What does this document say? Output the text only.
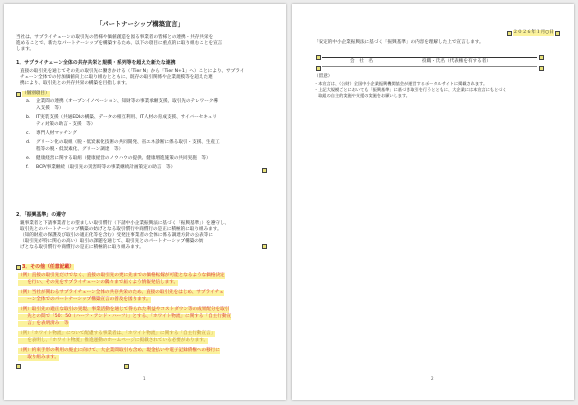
「パートナーシップ構築宣言」
当社は、サプライチェーンの取引先の皆様や価値創造を図る事業者の皆様との連携・共存共栄を
進めることで、新たなパートナーシップを構築するため、以下の項目に重点的に取り組むことを宣言
します。
1．サプライチェーン全体の共存共栄と規模・系列等を超えた新たな連携
直接の取引先を通じてその先の取引先に働きかける（「Tier N」から「Tier N+1」へ）ことにより、サプライ
チェーン全体での付加価値向上に取り組むとともに、既存の取引関係や企業規模等を超えた連
携により、取引先との共存共栄の構築を目指します。
（個別項目）
a. 企業間の連携（オープンイノベーション、知財等の事業承継支援、取引先のテレワーク導
入支援　等）
b. IT実装支援（共通EDIの構築、データの相互利用、IT人材の育成支援、サイバーセキュリ
ティ対策の助言・支援　等）
c. 専門人材マッチング
d. グリーン化の取組（脱・低炭素化技術の共同開発、省エネ診断に係る取引・支援、生産工
程等の脱・低炭素化、グリーン調達　等）
e. 健康経営に関する取組（健康経営のノウハウの提供、健康増進施策の共同実施　等）
f. BCP/事業継続（取引先の災害時等の事業継続計画策定の助言　等）
2．「振興基準」の遵守
親事業者と下請事業者との望ましい取引慣行（下請中小企業振興法に基づく「振興基準」）を遵守し、
取引先とのパートナーシップ構築の妨げとなる取引慣行や商慣行の是正に積極的に取り組みます。
（知的財産の保護及び取引の適正化等を含む）受発注事業者の全体に係る調達方針の公表等に
（取引先が特に関心の高い）取引の課題を通じて、取引先とのパートナーシップ構築の妨
げとなる取引慣行や商慣行の是正に積極的に取り組みます。
3．その他（任意記載）
（例）直接の取引先だけでなく、直接の取引先の更に先までの価格転嫁が可能となるような価格決定
　　を行い、その先をサプライチェーンの隅々まで届くよう情報発信します。
（例）当社が関わるサプライチェーン全体の共存共栄のため、直接の取引先をはじめ、サプライチェ
　　ーン全体でのパートナーシップ構築宣言の普及を図ります。
（例）取引先の適正な取引の実現、事業活動を通じて得られた利益やコストダウン等の成果配分を取引
　　先との間で「50：50（ハーフ・アンド・ハーフ）」とする、「ホワイト物流」に関する「自主行動宣
　　言」を表明済み　等
（例）「ホワイト物流」について配慮する事業者は、「ホワイト物流」に関する「自主行動宣言」
　　を表明し、「ホワイト物流」推進運動のホームページに掲載されている必要があります。
（例）約束手形の利用の廃止に向けて、大企業間取引も含め、現金払いや電子記録債権への移行に
　　取り組みます。
1
２０２６年１月○日
「安定的中小企業振興法に基づく「振興基準」の内容を理解した上で宣言します。
会　社　名	役職・氏名（代表権を有する者）
（留意）
・本宣言は、（公財）全国中小企業振興機関協会が運営するポータルサイトに掲載されます。
・上記大規模ごとにおいても「振興基準」に基づき取引を行うとともに、大企業には本宣言にもとづく
　取組の自主的実施や支援の実施をお願いします。
2
